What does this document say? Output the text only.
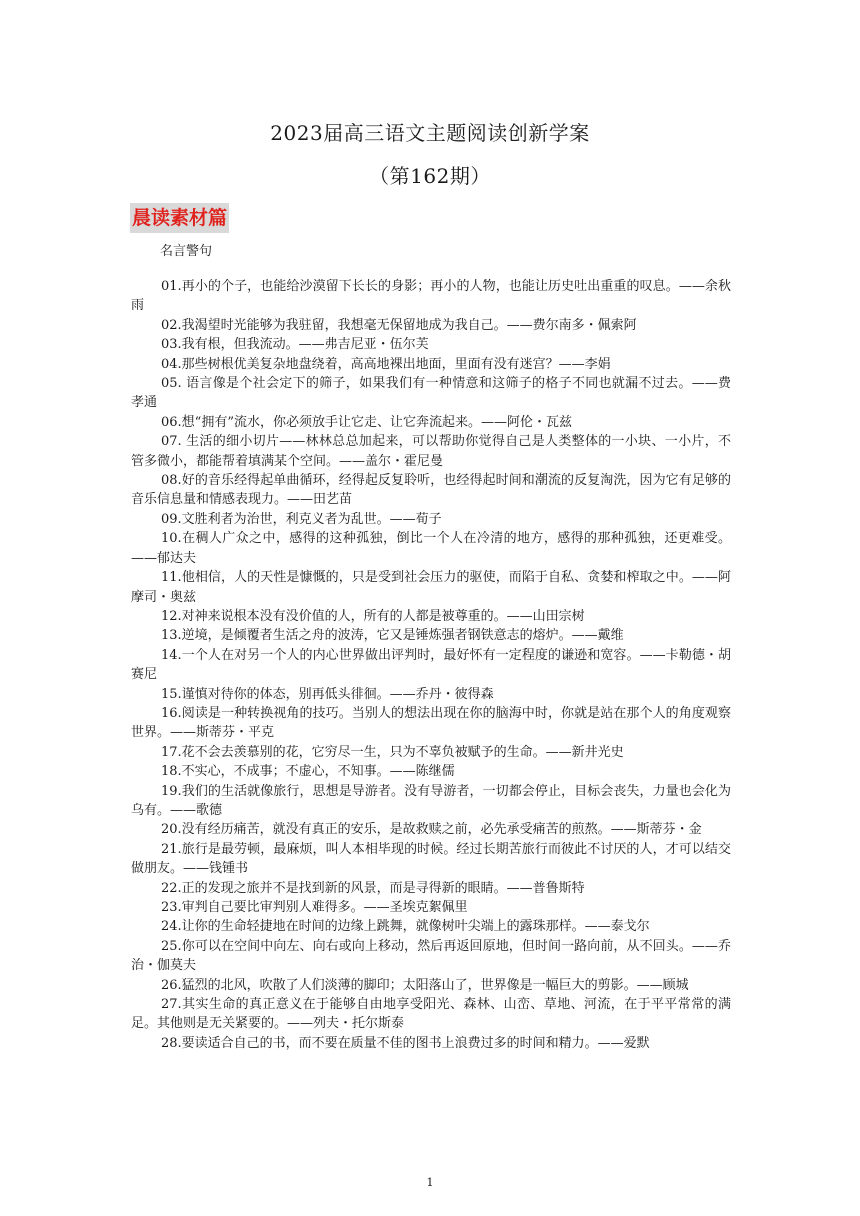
2023届高三语文主题阅读创新学案
（第162期）
晨读素材篇
名言警句

01.再小的个子，也能给沙漠留下长长的身影；再小的人物，也能让历史吐出重重的叹息。——余秋雨

02.我渴望时光能够为我驻留，我想毫无保留地成为我自己。——费尔南多・佩索阿

03.我有根，但我流动。——弗吉尼亚・伍尔芙

04.那些树根优美复杂地盘绕着，高高地裸出地面，里面有没有迷宫？——李娟

05. 语言像是个社会定下的筛子，如果我们有一种情意和这筛子的格子不同也就漏不过去。——费孝通

06.想“拥有”流水，你必须放手让它走、让它奔流起来。——阿伦・瓦兹

07. 生活的细小切片——林林总总加起来，可以帮助你觉得自己是人类整体的一小块、一小片，不管多微小，都能帮着填满某个空间。——盖尔・霍尼曼

08.好的音乐经得起单曲循环，经得起反复聆听，也经得起时间和潮流的反复淘洗，因为它有足够的音乐信息量和情感表现力。——田艺苗

09.文胜利者为治世，利克义者为乱世。——荀子

10.在稠人广众之中，感得的这种孤独，倒比一个人在冷清的地方，感得的那种孤独，还更难受。——郁达夫

11.他相信，人的天性是慷慨的，只是受到社会压力的驱使，而陷于自私、贪婪和榨取之中。——阿摩司・奥兹

12.对神来说根本没有没价值的人，所有的人都是被尊重的。——山田宗树

13.逆境，是倾覆者生活之舟的波涛，它又是锤炼强者钢铁意志的熔炉。——戴维

14.一个人在对另一个人的内心世界做出评判时，最好怀有一定程度的谦逊和宽容。——卡勒德・胡赛尼

15.谨慎对待你的体态，别再低头徘徊。——乔丹・彼得森

16.阅读是一种转换视角的技巧。当别人的想法出现在你的脑海中时，你就是站在那个人的角度观察世界。——斯蒂芬・平克

17.花不会去羡慕别的花，它穷尽一生，只为不辜负被赋予的生命。——新井光史

18.不实心，不成事；不虚心，不知事。——陈继儒

19.我们的生活就像旅行，思想是导游者。没有导游者，一切都会停止，目标会丧失，力量也会化为乌有。——歌德

20.没有经历痛苦，就没有真正的安乐，是故救赎之前，必先承受痛苦的煎熬。——斯蒂芬・金

21.旅行是最劳顿，最麻烦，叫人本相毕现的时候。经过长期苦旅行而彼此不讨厌的人，才可以结交做朋友。——钱锺书

22.正的发现之旅并不是找到新的风景，而是寻得新的眼睛。——普鲁斯特

23.审判自己要比审判别人难得多。——圣埃克絮佩里

24.让你的生命轻捷地在时间的边缘上跳舞，就像树叶尖端上的露珠那样。——泰戈尔

25.你可以在空间中向左、向右或向上移动，然后再返回原地，但时间一路向前，从不回头。——乔治・伽莫夫

26.猛烈的北风，吹散了人们淡薄的脚印；太阳落山了，世界像是一幅巨大的剪影。——顾城

27.其实生命的真正意义在于能够自由地享受阳光、森林、山峦、草地、河流，在于平平常常的满足。其他则是无关紧要的。——列夫・托尔斯泰

28.要读适合自己的书，而不要在质量不佳的图书上浪费过多的时间和精力。——爱默

1
